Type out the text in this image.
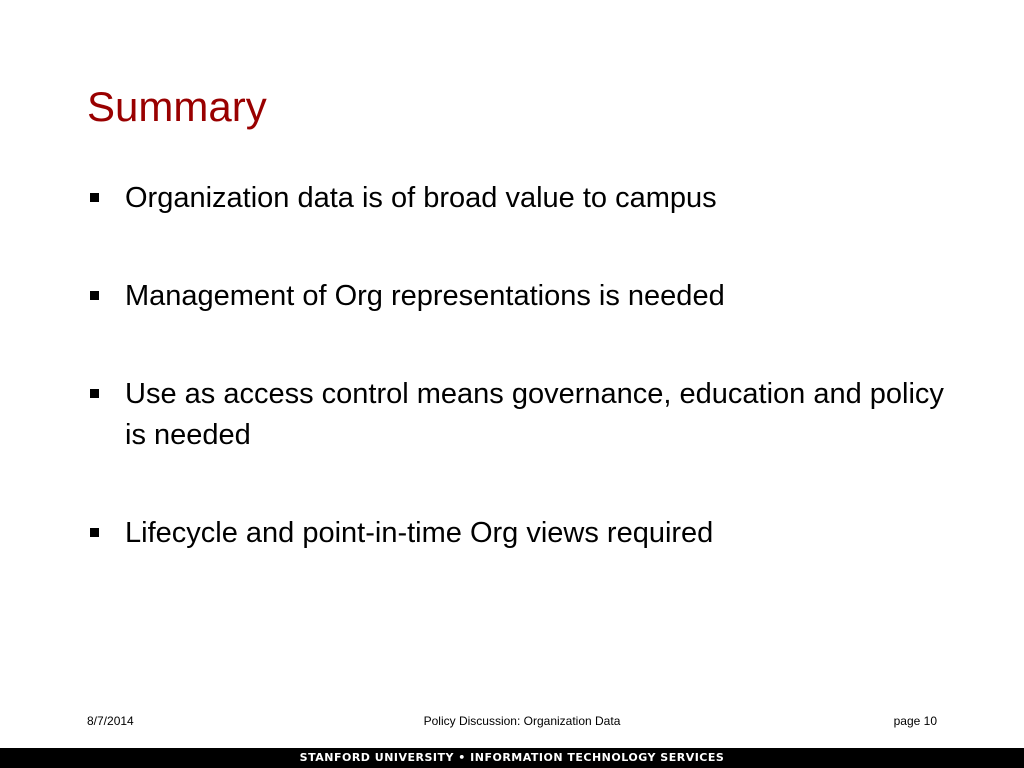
Summary
Organization data is of broad value to campus
Management of Org representations is needed
Use as access control means governance, education and policy is needed
Lifecycle and point-in-time Org views required
8/7/2014	Policy Discussion: Organization Data	page 10
STANFORD UNIVERSITY • INFORMATION TECHNOLOGY SERVICES
